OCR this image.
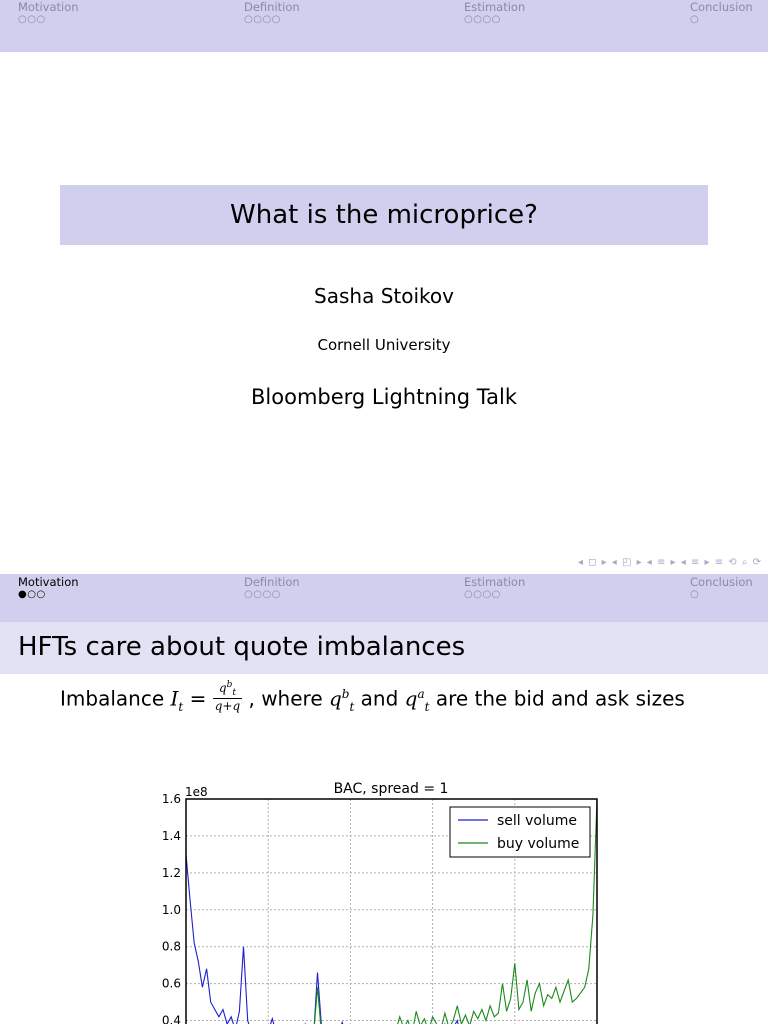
Motivation
○○○
Definition
○○○○
Estimation
○○○○
Conclusion
○
What is the microprice?
Sasha Stoikov
Cornell University
Bloomberg Lightning Talk
◂ ◻ ▸ ◂ ◰ ▸ ◂ ≡ ▸ ◂ ≡ ▸ ≡ ⟲ ⌕ ⟳
Motivation
●○○
Definition
○○○○
Estimation
○○○○
Conclusion
○
HFTs care about quote imbalances
Imbalance $I_t = \frac{q^b_t}{q+q}$ , where $q^b_t$ and $q^a_t$ are the bid and ask sizes
BAC, spread = 1
1e8
1.6
1.4
1.2
1.0
0.8
0.6
0.4
sell volume
buy volume
